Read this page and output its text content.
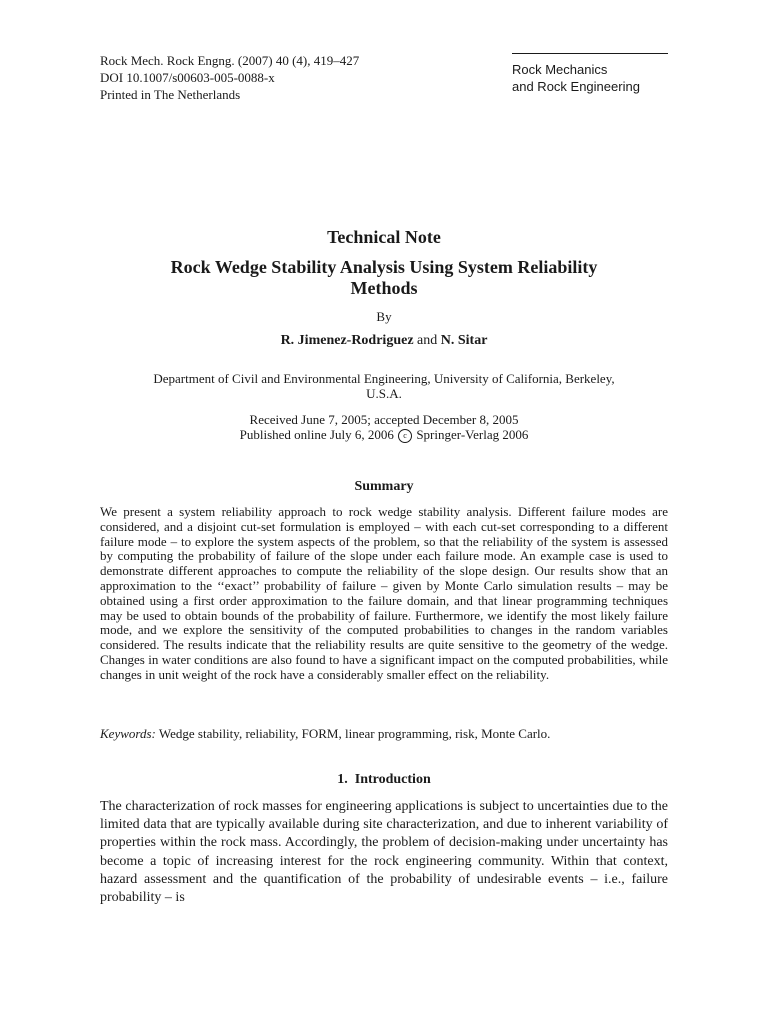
Rock Mech. Rock Engng. (2007) 40 (4), 419–427
DOI 10.1007/s00603-005-0088-x
Printed in The Netherlands
Rock Mechanics
and Rock Engineering
Technical Note
Rock Wedge Stability Analysis Using System Reliability Methods
By
R. Jimenez-Rodriguez and N. Sitar
Department of Civil and Environmental Engineering, University of California, Berkeley, U.S.A.
Received June 7, 2005; accepted December 8, 2005
Published online July 6, 2006 c Springer-Verlag 2006
Summary
We present a system reliability approach to rock wedge stability analysis. Different failure modes are considered, and a disjoint cut-set formulation is employed – with each cut-set corresponding to a different failure mode – to explore the system aspects of the problem, so that the reliability of the system is assessed by computing the probability of failure of the slope under each failure mode. An example case is used to demonstrate different approaches to compute the reliability of the slope design. Our results show that an approximation to the ‘‘exact’’ probability of failure – given by Monte Carlo simulation results – may be obtained using a first order approximation to the failure domain, and that linear programming techniques may be used to obtain bounds of the probability of failure. Furthermore, we identify the most likely failure mode, and we explore the sensitivity of the computed probabilities to changes in the random variables considered. The results indicate that the reliability results are quite sensitive to the geometry of the wedge. Changes in water conditions are also found to have a significant impact on the computed probabilities, while changes in unit weight of the rock have a considerably smaller effect on the reliability.
Keywords: Wedge stability, reliability, FORM, linear programming, risk, Monte Carlo.
1.  Introduction
The characterization of rock masses for engineering applications is subject to uncertainties due to the limited data that are typically available during site characterization, and due to inherent variability of properties within the rock mass. Accordingly, the problem of decision-making under uncertainty has become a topic of increasing interest for the rock engineering community. Within that context, hazard assessment and the quantification of the probability of undesirable events – i.e., failure probability – is
